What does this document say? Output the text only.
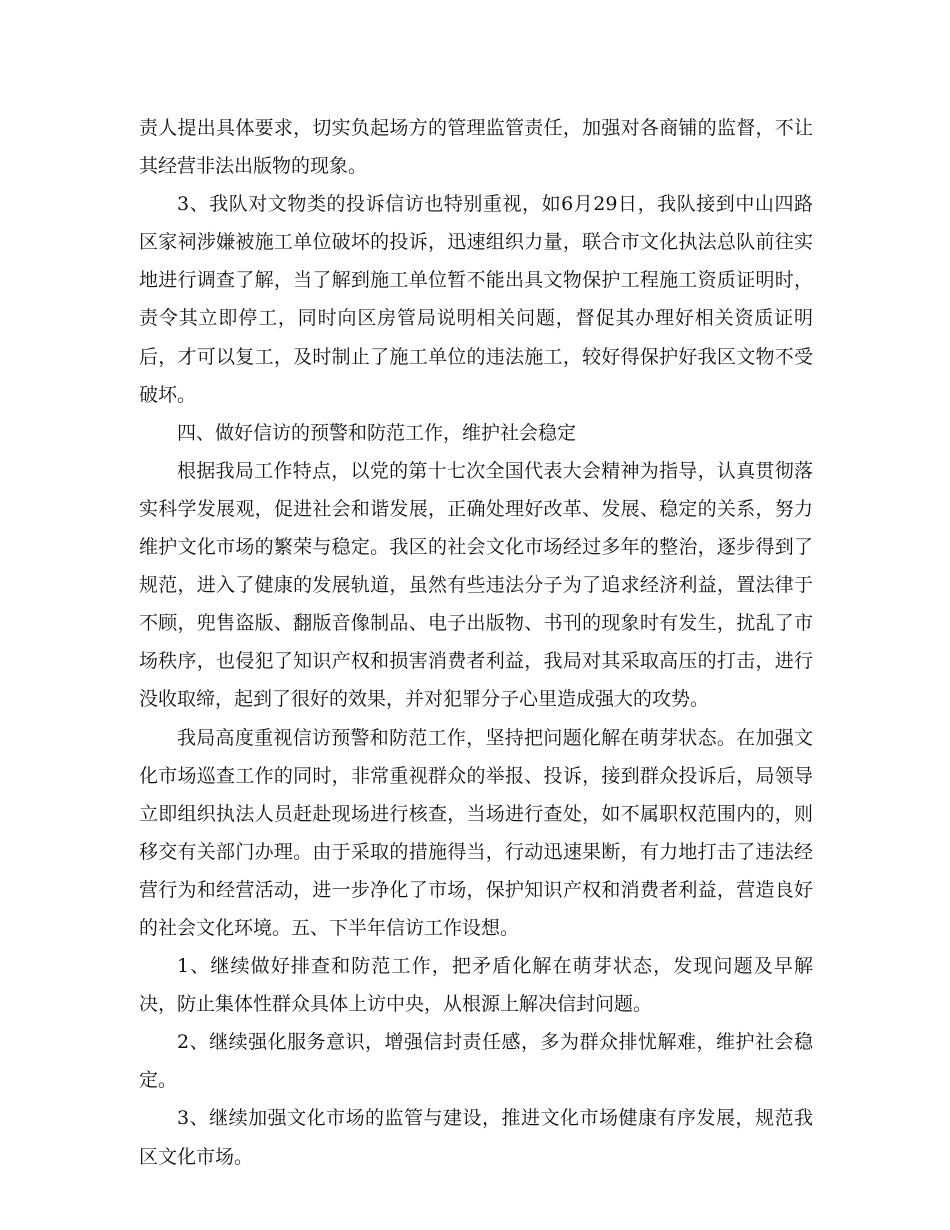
责人提出具体要求，切实负起场方的管理监管责任，加强对各商铺的监督，不让其经营非法出版物的现象。

3、我队对文物类的投诉信访也特别重视，如6月29日，我队接到中山四路区家祠涉嫌被施工单位破坏的投诉，迅速组织力量，联合市文化执法总队前往实地进行调查了解，当了解到施工单位暂不能出具文物保护工程施工资质证明时，责令其立即停工，同时向区房管局说明相关问题，督促其办理好相关资质证明后，才可以复工，及时制止了施工单位的违法施工，较好得保护好我区文物不受破坏。

四、做好信访的预警和防范工作，维护社会稳定

根据我局工作特点，以党的第十七次全国代表大会精神为指导，认真贯彻落实科学发展观，促进社会和谐发展，正确处理好改革、发展、稳定的关系，努力维护文化市场的繁荣与稳定。我区的社会文化市场经过多年的整治，逐步得到了规范，进入了健康的发展轨道，虽然有些违法分子为了追求经济利益，置法律于不顾，兜售盗版、翻版音像制品、电子出版物、书刊的现象时有发生，扰乱了市场秩序，也侵犯了知识产权和损害消费者利益，我局对其采取高压的打击，进行没收取缔，起到了很好的效果，并对犯罪分子心里造成强大的攻势。

我局高度重视信访预警和防范工作，坚持把问题化解在萌芽状态。在加强文化市场巡查工作的同时，非常重视群众的举报、投诉，接到群众投诉后，局领导立即组织执法人员赶赴现场进行核查，当场进行查处，如不属职权范围内的，则移交有关部门办理。由于采取的措施得当，行动迅速果断，有力地打击了违法经营行为和经营活动，进一步净化了市场，保护知识产权和消费者利益，营造良好的社会文化环境。五、下半年信访工作设想。

1、继续做好排查和防范工作，把矛盾化解在萌芽状态，发现问题及早解决，防止集体性群众具体上访中央，从根源上解决信封问题。

2、继续强化服务意识，增强信封责任感，多为群众排忧解难，维护社会稳定。

3、继续加强文化市场的监管与建设，推进文化市场健康有序发展，规范我区文化市场。
